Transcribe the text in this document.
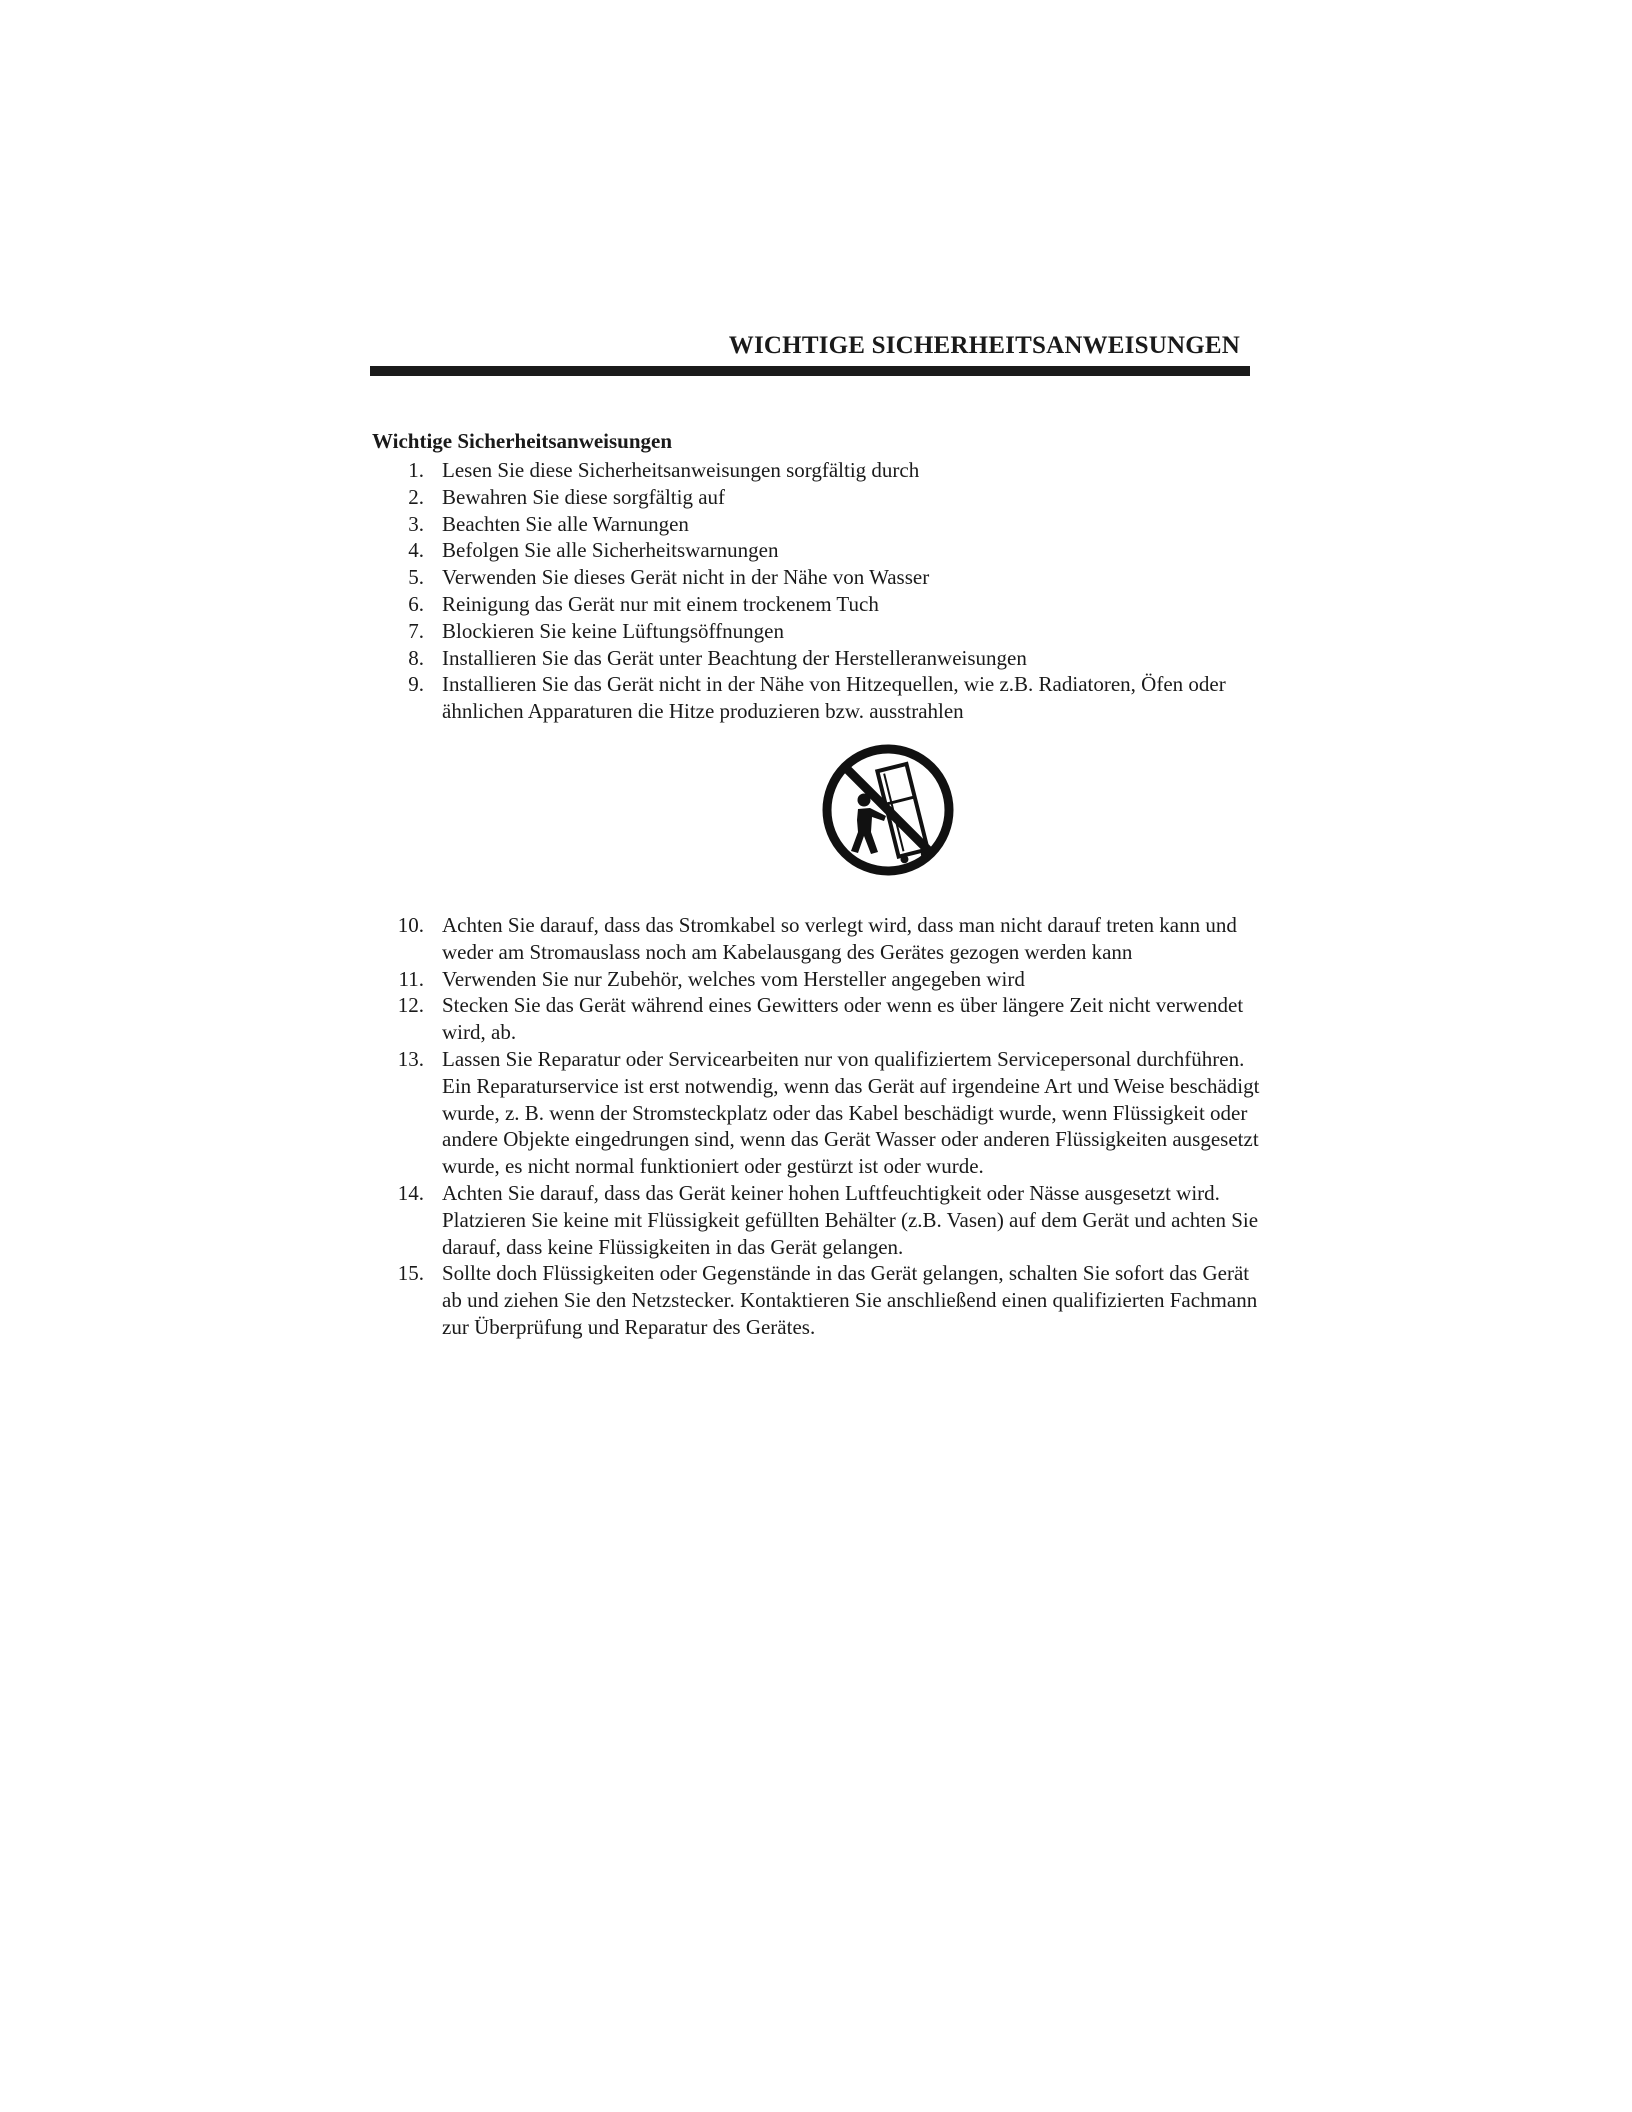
WICHTIGE SICHERHEITSANWEISUNGEN
Wichtige Sicherheitsanweisungen
1. Lesen Sie diese Sicherheitsanweisungen sorgfältig durch
2. Bewahren Sie diese sorgfältig auf
3. Beachten Sie alle Warnungen
4. Befolgen Sie alle Sicherheitswarnungen
5. Verwenden Sie dieses Gerät nicht in der Nähe von Wasser
6. Reinigung das Gerät nur mit einem trockenem Tuch
7. Blockieren Sie keine Lüftungsöffnungen
8. Installieren Sie das Gerät unter Beachtung der Herstelleranweisungen
9. Installieren Sie das Gerät nicht in der Nähe von Hitzequellen, wie z.B. Radiatoren, Öfen oder ähnlichen Apparaturen die Hitze produzieren bzw. ausstrahlen
10. Achten Sie darauf, dass das Stromkabel so verlegt wird, dass man nicht darauf treten kann und weder am Stromauslass noch am Kabelausgang des Gerätes gezogen werden kann
11. Verwenden Sie nur Zubehör, welches vom Hersteller angegeben wird
12. Stecken Sie das Gerät während eines Gewitters oder wenn es über längere Zeit nicht verwendet wird, ab.
13. Lassen Sie Reparatur oder Servicearbeiten nur von qualifiziertem Servicepersonal durchführen. Ein Reparaturservice ist erst notwendig, wenn das Gerät auf irgendeine Art und Weise beschädigt wurde, z. B. wenn der Stromsteckplatz oder das Kabel beschädigt wurde, wenn Flüssigkeit oder andere Objekte eingedrungen sind, wenn das Gerät Wasser oder anderen Flüssigkeiten ausgesetzt wurde, es nicht normal funktioniert oder gestürzt ist oder wurde.
14. Achten Sie darauf, dass das Gerät keiner hohen Luftfeuchtigkeit oder Nässe ausgesetzt wird. Platzieren Sie keine mit Flüssigkeit gefüllten Behälter (z.B. Vasen) auf dem Gerät und achten Sie darauf, dass keine Flüssigkeiten in das Gerät gelangen.
15. Sollte doch Flüssigkeiten oder Gegenstände in das Gerät gelangen, schalten Sie sofort das Gerät ab und ziehen Sie den Netzstecker. Kontaktieren Sie anschließend einen qualifizierten Fachmann zur Überprüfung und Reparatur des Gerätes.
